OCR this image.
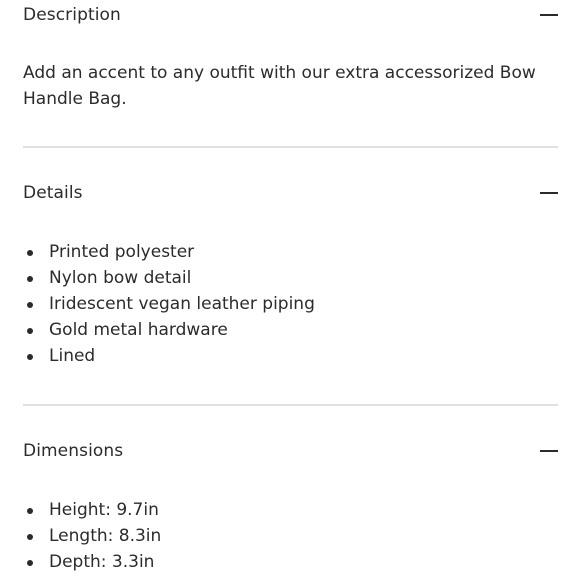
Description

Add an accent to any outfit with our extra accessorized Bow Handle Bag.

Details
Printed polyester
Nylon bow detail
Iridescent vegan leather piping
Gold metal hardware
Lined
Dimensions
Height: 9.7in
Length: 8.3in
Depth: 3.3in
